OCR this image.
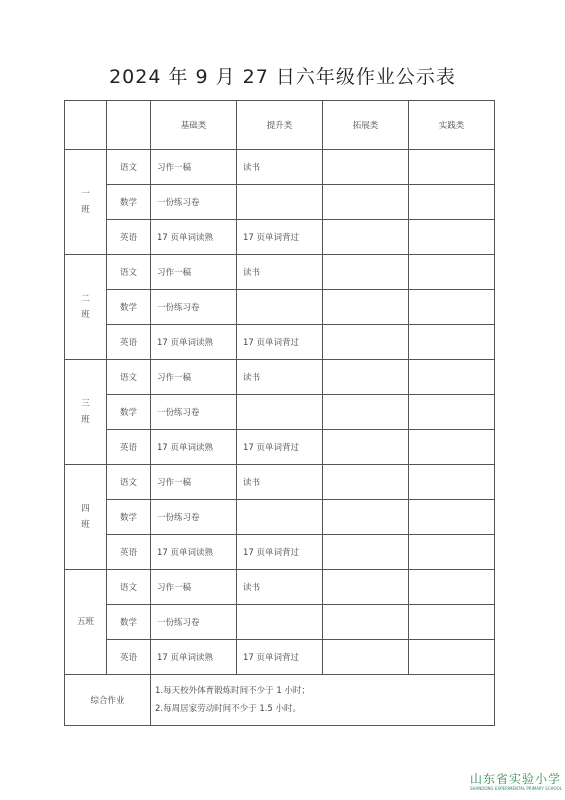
2024 年 9 月 27 日六年级作业公示表
		基础类	提升类	拓展类	实践类

一
班	语文	习作一稿	读书		
	数学	一份练习卷			
	英语	17 页单词读熟	17 页单词背过		

二
班	语文	习作一稿	读书		
	数学	一份练习卷			
	英语	17 页单词读熟	17 页单词背过		

三
班	语文	习作一稿	读书		
	数学	一份练习卷			
	英语	17 页单词读熟	17 页单词背过		

四
班	语文	习作一稿	读书		
	数学	一份练习卷			
	英语	17 页单词读熟	17 页单词背过		

五班	语文	习作一稿	读书		
	数学	一份练习卷			
	英语	17 页单词读熟	17 页单词背过		
综合作业		1.每天校外体育锻炼时间不少于 1 小时；
2.每周居家劳动时间不少于 1.5 小时。			
山东省实验小学
SHANDONG EXPERIMENTAL PRIMARY SCHOOL
